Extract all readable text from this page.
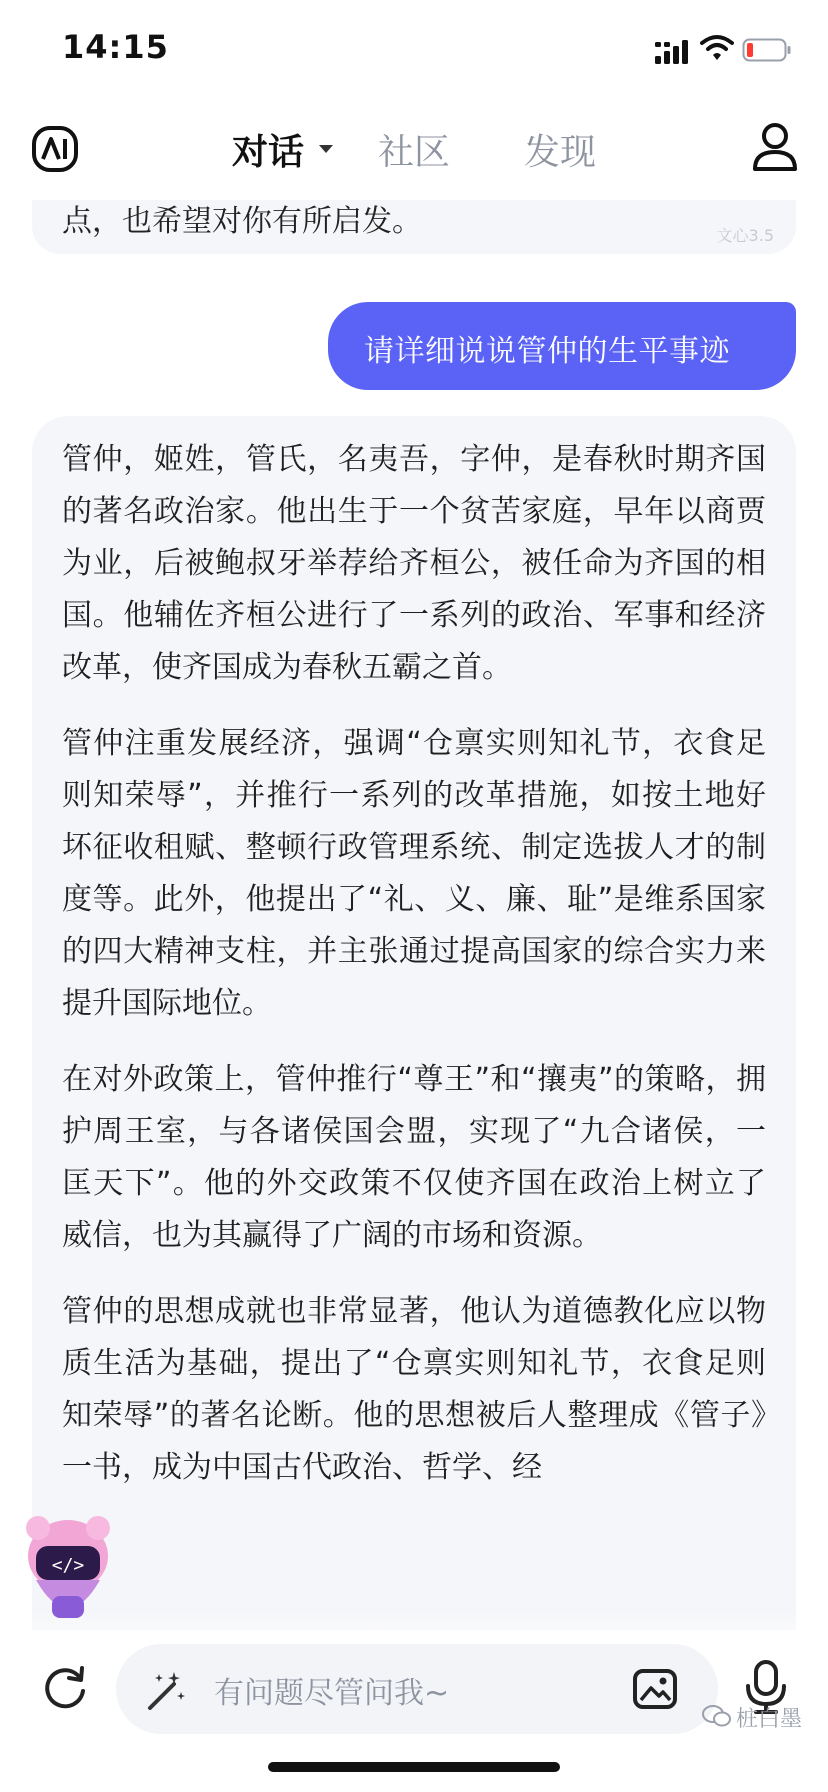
14:15
对话 社区 发现
点，也希望对你有所启发。	文心3.5
请详细说说管仲的生平事迹

管仲，姬姓，管氏，名夷吾，字仲，是春秋时期齐国的著名政治家。他出生于一个贫苦家庭，早年以商贾为业，后被鲍叔牙举荐给齐桓公，被任命为齐国的相国。他辅佐齐桓公进行了一系列的政治、军事和经济改革，使齐国成为春秋五霸之首。

管仲注重发展经济，强调“仓禀实则知礼节，衣食足则知荣辱”，并推行一系列的改革措施，如按土地好坏征收租赋、整顿行政管理系统、制定选拔人才的制度等。此外，他提出了“礼、义、廉、耻”是维系国家的四大精神支柱，并主张通过提高国家的综合实力来提升国际地位。

在对外政策上，管仲推行“尊王”和“攘夷”的策略，拥护周王室，与各诸侯国会盟，实现了“九合诸侯，一匡天下”。他的外交政策不仅使齐国在政治上树立了威信，也为其赢得了广阔的市场和资源。

管仲的思想成就也非常显著，他认为道德教化应以物质生活为基础，提出了“仓禀实则知礼节，衣食足则知荣辱”的著名论断。他的思想被后人整理成《管子》一书，成为中国古代政治、哲学、经

</>
有问题尽管问我~
桩白墨
